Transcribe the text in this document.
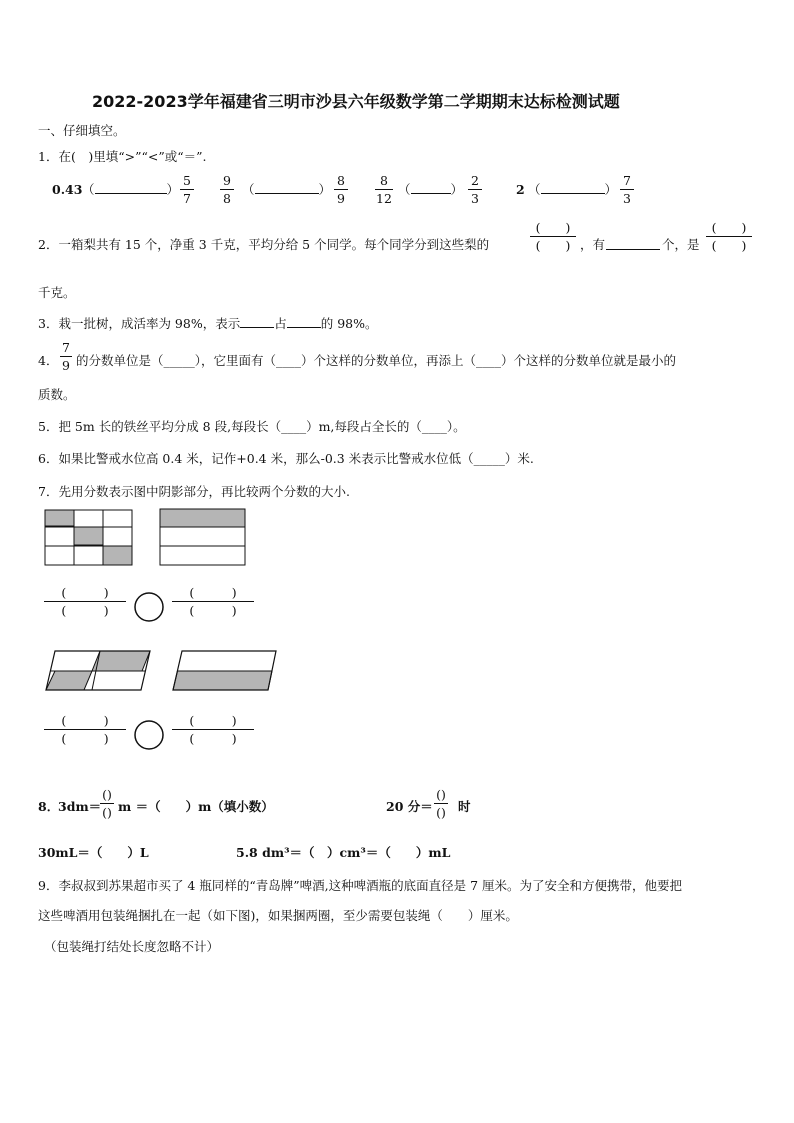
2022-2023学年福建省三明市沙县六年级数学第二学期期末达标检测试题
一、仔细填空。
1．在(　)里填“>”“<”或“＝”.
0.43 （	）
5
7
9
8
（	）
8
9
8
12
（	）
2
3
2 （	）
7
3
2．一箱梨共有 15 个，净重 3 千克，平均分给 5 个同学。每个同学分到这些梨的
(　　)
(　　) ，有	个，是
(　　)
(　　)
千克。
3．栽一批树，成活率为 98%，表示	占	的 98%。
4．
7
9 的分数单位是（_____），它里面有（____）个这样的分数单位，再添上（____）个这样的分数单位就是最小的
质数。
5．把 5m 长的铁丝平均分成 8 段,每段长（____）m,每段占全长的（____）。
6．如果比警戒水位高 0.4 米，记作+0.4 米，那么-0.3 米表示比警戒水位低（_____）米.
7．先用分数表示图中阴影部分，再比较两个分数的大小.
(　　　)
(　　　)
(　　　)
(　　　)
(　　　)
(　　　)
(　　　)
(　　　)
8．
3dm＝
()
() m ＝（　　）m（填小数）	20 分＝
()
() 时
30mL＝（　　）L	5.8 dm³＝（　）cm³＝（　　）mL
9．李叔叔到苏果超市买了 4 瓶同样的“青岛牌”啤酒,这种啤酒瓶的底面直径是 7 厘米。为了安全和方便携带，他要把
这些啤酒用包装绳捆扎在一起（如下图)，如果捆两圈，至少需要包装绳（　　）厘米。
（包装绳打结处长度忽略不计）
